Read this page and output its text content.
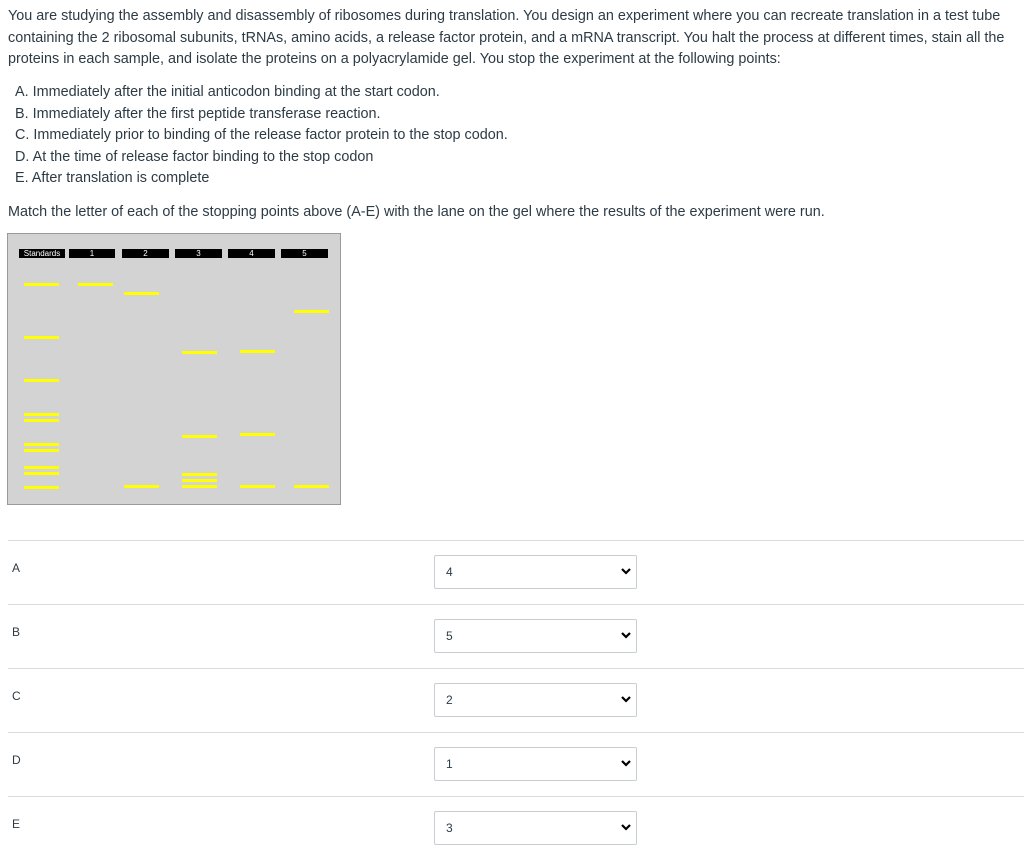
You are studying the assembly and disassembly of ribosomes during translation. You design an experiment where you can recreate translation in a test tube containing the 2 ribosomal subunits, tRNAs, amino acids, a release factor protein, and a mRNA transcript. You halt the process at different times, stain all the proteins in each sample, and isolate the proteins on a polyacrylamide gel. You stop the experiment at the following points:

A. Immediately after the initial anticodon binding at the start codon.
B. Immediately after the first peptide transferase reaction.
C. Immediately prior to binding of the release factor protein to the stop codon.
D. At the time of release factor binding to the stop codon
E. After translation is complete

Match the letter of each of the stopping points above (A-E) with the lane on the gel where the results of the experiment were run.

Standards	1	2	3	4	5
A	4
B	5
C	2
D	1
E	3
